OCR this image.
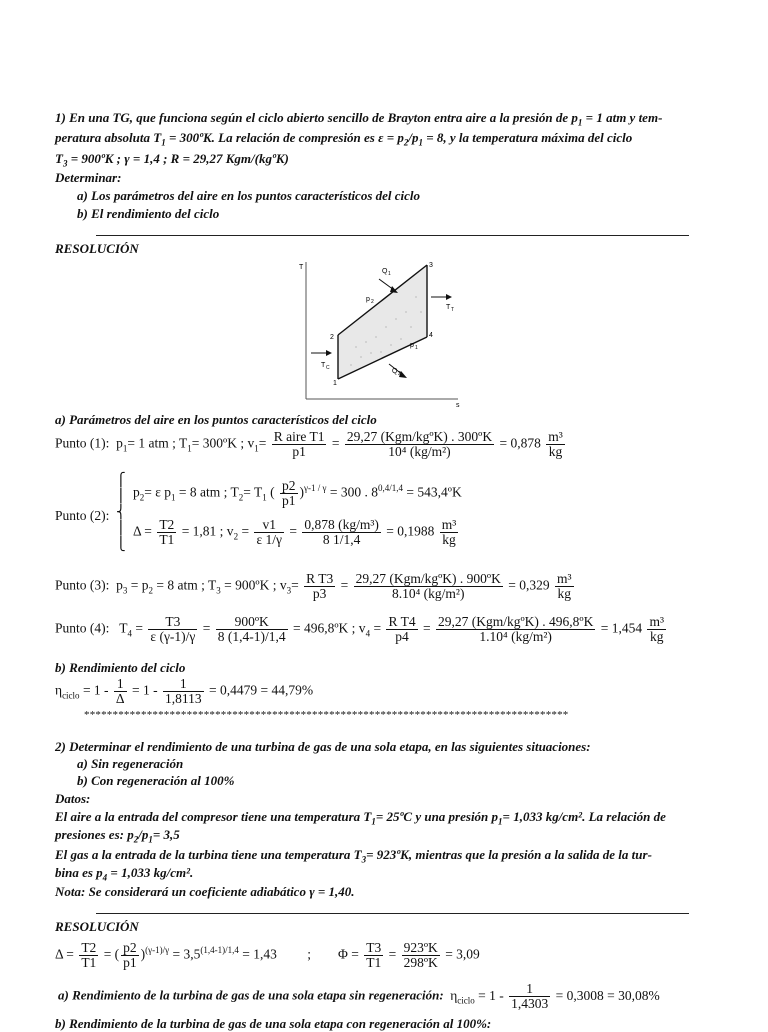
1) En una TG, que funciona según el ciclo abierto sencillo de Brayton entra aire a la presión de $p_1 = 1$ atm y tem-
peratura absoluta $T_1$ = 300ºK. La relación de compresión es $\varepsilon = p_2/p_1 = 8$, y la temperatura máxima del ciclo
$T_3$ = 900ºK ; γ = 1,4 ; R = 29,27 Kgm/(kgºK)
Determinar:
a) Los parámetros del aire en los puntos característicos del ciclo
b) El rendimiento del ciclo
RESOLUCIÓN
T
s
Q 1
Q 2
p 2
p 1
T T
T C
1
2
3
4
a) Parámetros del aire en los puntos característicos del ciclo
Punto (1): $p_1= 1$ atm ; $T_1=$ 300ºK ; $v_1= \frac{\text{R aire T1}}{p1} = \frac{\text{29,27 (Kgm/kgºK) . 300ºK}}{\text{10⁴ (kg/m²)}} = 0,878 \frac{\text{m³}}{kg}$
⎧
⎪
⎨
⎪
⎩
Punto (2):
$p_2= \varepsilon$ $p_1 = 8$ atm ; $T_2= T_1$ ( $\frac{p2}{p1} )^{\gamma-1 / \gamma} = 300$ . $8^{0,4/1,4}$ = 543,4ºK
$\Delta = \frac{T2}{T1} = 1,81$ ; $v_2 = \frac{v1}{\varepsilon 1/\gamma} = \frac{\text{0,878 (kg/m³)}}{8 1/1,4} = 0,1988 \frac{\text{m³}}{kg}$
Punto (3): $p_3 = p_2 = 8$ atm ; $T_3$ = 900ºK ; $v_3= \frac{\text{R T3}}{p3} = \frac{\text{29,27 (Kgm/kgºK) . 900ºK}}{\text{8.10⁴ (kg/m²)}} = 0,329 \frac{\text{m³}}{kg}$
Punto (4): $T_4 = \frac{T3}{\varepsilon (\gamma-1)/\gamma} = \frac{\text{900ºK}}{8 (1,4-1)/1,4}$ = 496,8ºK ; $v_4 = \frac{\text{R T4}}{p4} = \frac{\text{29,27 (Kgm/kgºK) . 496,8ºK}}{\text{1.10⁴ (kg/m²)}} = 1,454 \frac{\text{m³}}{kg}$
b) Rendimiento del ciclo
$\eta_{ciclo} = 1 - \frac{1}{\Delta} = 1 - \frac{1}{1,8113} = 0,4479 = 44,79\%$
*************************************************************************************
2) Determinar el rendimiento de una turbina de gas de una sola etapa, en las siguientes situaciones:
a) Sin regeneración
b) Con regeneración al 100%
Datos:
El aire a la entrada del compresor tiene una temperatura $T_1=$ 25ºC y una presión $p_1= 1,033$ kg/cm². La relación de
presiones es: $p_2/p_1= 3,5$
El gas a la entrada de la turbina tiene una temperatura $T_3=$ 923ºK, mientras que la presión a la salida de la tur-
bina es $p_4 = 1,033$ kg/cm².
Nota: Se considerará un coeficiente adiabático γ = 1,40.
RESOLUCIÓN
$\Delta = \frac{T2}{T1}$ = ( $\frac{p2}{p1} )^{(\gamma-1)/\gamma} = 3,5^{(1,4-1)/1,4} = 1,43$ ; $\Phi = \frac{T3}{T1} = \frac{\text{923ºK}}{\text{298ºK}} = 3,09$
a) Rendimiento de la turbina de gas de una sola etapa sin regeneración: $\eta_{ciclo} = 1 - \frac{1}{1,4303} = 0,3008 = 30,08\%$
b) Rendimiento de la turbina de gas de una sola etapa con regeneración al 100%:
